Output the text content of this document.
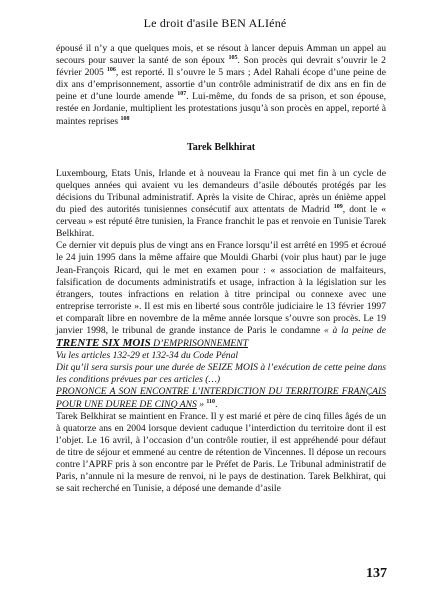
Le droit d'asile BEN ALIéné

épousé il n’y a que quelques mois, et se résout à lancer depuis Amman un appel au secours pour sauver la santé de son époux $^{105}$. Son procès qui devrait s’ouvrir le 2 février 2005 $^{106}$, est reporté. Il s’ouvre le 5 mars ; Adel Rahali écope d’une peine de dix ans d’emprisonnement, assortie d’un contrôle administratif de dix ans en fin de peine et d’une lourde amende $^{107}$. Lui-même, du fonds de sa prison, et son épouse, restée en Jordanie, multiplient les protestations jusqu’à son procès en appel, reporté à maintes reprises $^{108}$

Tarek Belkhirat

Luxembourg, Etats Unis, Irlande et à nouveau la France qui met fin à un cycle de quelques années qui avaient vu les demandeurs d’asile déboutés protégés par les décisions du Tribunal administratif. Après la visite de Chirac, après un énième appel du pied des autorités tunisiennes consécutif aux attentats de Madrid $^{109}$, dont le « cerveau » est réputé être tunisien, la France franchit le pas et renvoie en Tunisie Tarek Belkhirat.

Ce dernier vit depuis plus de vingt ans en France lorsqu’il est arrêté en 1995 et écroué le 24 juin 1995 dans la même affaire que Mouldi Gharbi (voir plus haut) par le juge Jean-François Ricard, qui le met en examen pour : « association de malfaiteurs, falsification de documents administratifs et usage, infraction à la législation sur les étrangers, toutes infractions en relation à titre principal ou connexe avec une entreprise terroriste ». Il est mis en liberté sous contrôle judiciaire le 13 février 1997 et comparaît libre en novembre de la même année lorsque s’ouvre son procès. Le 19 janvier 1998, le tribunal de grande instance de Paris le condamne « à la peine de TRENTE SIX MOIS D’EMPRISONNEMENT
Vu les articles 132-29 et 132-34 du Code Pénal
Dit qu’il sera sursis pour une durée de SEIZE MOIS à l’exécution de cette peine dans les conditions prévues par ces articles (…)
PRONONCE A SON ENCONTRE L’INTERDICTION DU TERRITOIRE FRANÇAIS POUR UNE DUREE DE CINQ ANS » $^{110}$.

Tarek Belkhirat se maintient en France. Il y est marié et père de cinq filles âgés de un à quatorze ans en 2004 lorsque devient caduque l’interdiction du territoire dont il est l’objet. Le 16 avril, à l’occasion d’un contrôle routier, il est appréhendé pour défaut de titre de séjour et emmené au centre de rétention de Vincennes. Il dépose un recours contre l’APRF pris à son encontre par le Préfet de Paris. Le Tribunal administratif de Paris, n’annule ni la mesure de renvoi, ni le pays de destination. Tarek Belkhirat, qui se sait recherché en Tunisie, a déposé une demande d’asile

137
